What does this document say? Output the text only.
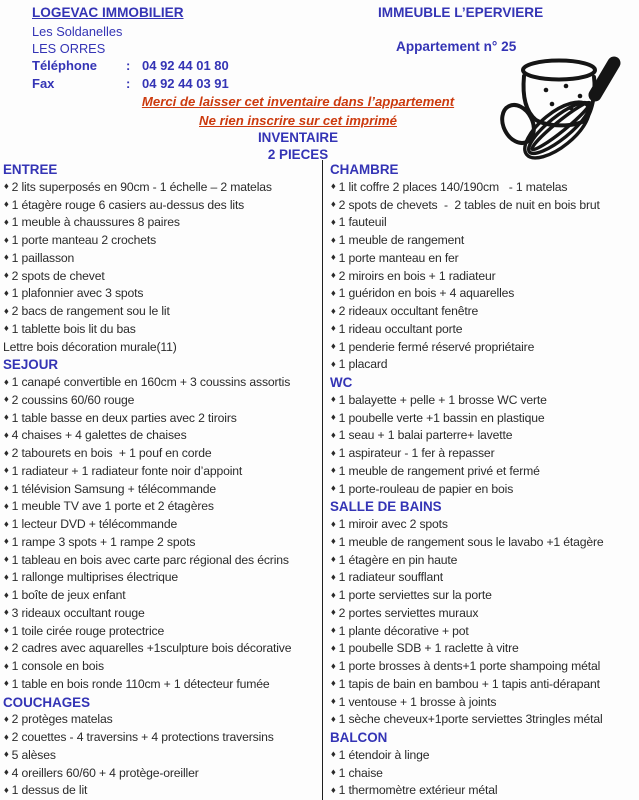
LOGEVAC IMMOBILIER
Les Soldanelles
LES ORRES
Téléphone : 04 92 44 01 80
Fax	: 04 92 44 03 91
IMMEUBLE L’EPERVIERE
Appartement n° 25
Merci de laisser cet inventaire dans l’appartement
Ne rien inscrire sur cet imprimé
INVENTAIRE
2 PIECES
ENTREE
♦ 2 lits superposés en 90cm - 1 échelle – 2 matelas
♦ 1 étagère rouge 6 casiers au-dessus des lits
♦ 1 meuble à chaussures 8 paires
♦ 1 porte manteau 2 crochets
♦ 1 paillasson
♦ 2 spots de chevet
♦ 1 plafonnier avec 3 spots
♦ 2 bacs de rangement sou le lit
♦ 1 tablette bois lit du bas
Lettre bois décoration murale(11)
SEJOUR
♦ 1 canapé convertible en 160cm + 3 coussins assortis
♦ 2 coussins 60/60 rouge
♦ 1 table basse en deux parties avec 2 tiroirs
♦ 4 chaises + 4 galettes de chaises
♦ 2 tabourets en bois  + 1 pouf en corde
♦ 1 radiateur + 1 radiateur fonte noir d’appoint
♦ 1 télévision Samsung + télécommande
♦ 1 meuble TV ave 1 porte et 2 étagères
♦ 1 lecteur DVD + télécommande
♦ 1 rampe 3 spots + 1 rampe 2 spots
♦ 1 tableau en bois avec carte parc régional des écrins
♦ 1 rallonge multiprises électrique
♦ 1 boîte de jeux enfant
♦ 3 rideaux occultant rouge
♦ 1 toile cirée rouge protectrice
♦ 2 cadres avec aquarelles +1sculpture bois décorative
♦ 1 console en bois
♦ 1 table en bois ronde 110cm + 1 détecteur fumée
COUCHAGES
♦ 2 protèges matelas
♦ 2 couettes - 4 traversins + 4 protections traversins
♦ 5 alèses
♦ 4 oreillers 60/60 + 4 protège-oreiller
♦ 1 dessus de lit
CHAMBRE
♦ 1 lit coffre 2 places 140/190cm   - 1 matelas
♦ 2 spots de chevets  -  2 tables de nuit en bois brut
♦ 1 fauteuil
♦ 1 meuble de rangement
♦ 1 porte manteau en fer
♦ 2 miroirs en bois + 1 radiateur
♦ 1 guéridon en bois + 4 aquarelles
♦ 2 rideaux occultant fenêtre
♦ 1 rideau occultant porte
♦ 1 penderie fermé réservé propriétaire
♦ 1 placard
WC
♦ 1 balayette + pelle + 1 brosse WC verte
♦ 1 poubelle verte +1 bassin en plastique
♦ 1 seau + 1 balai parterre+ lavette
♦ 1 aspirateur - 1 fer à repasser
♦ 1 meuble de rangement privé et fermé
♦ 1 porte-rouleau de papier en bois
SALLE DE BAINS
♦ 1 miroir avec 2 spots
♦ 1 meuble de rangement sous le lavabo +1 étagère
♦ 1 étagère en pin haute
♦ 1 radiateur soufflant
♦ 1 porte serviettes sur la porte
♦ 2 portes serviettes muraux
♦ 1 plante décorative + pot
♦ 1 poubelle SDB + 1 raclette à vitre
♦ 1 porte brosses à dents+1 porte shampoing métal
♦ 1 tapis de bain en bambou + 1 tapis anti-dérapant
♦ 1 ventouse + 1 brosse à joints
♦ 1 sèche cheveux+1porte serviettes 3tringles métal
BALCON
♦ 1 étendoir à linge
♦ 1 chaise
♦ 1 thermomètre extérieur métal
